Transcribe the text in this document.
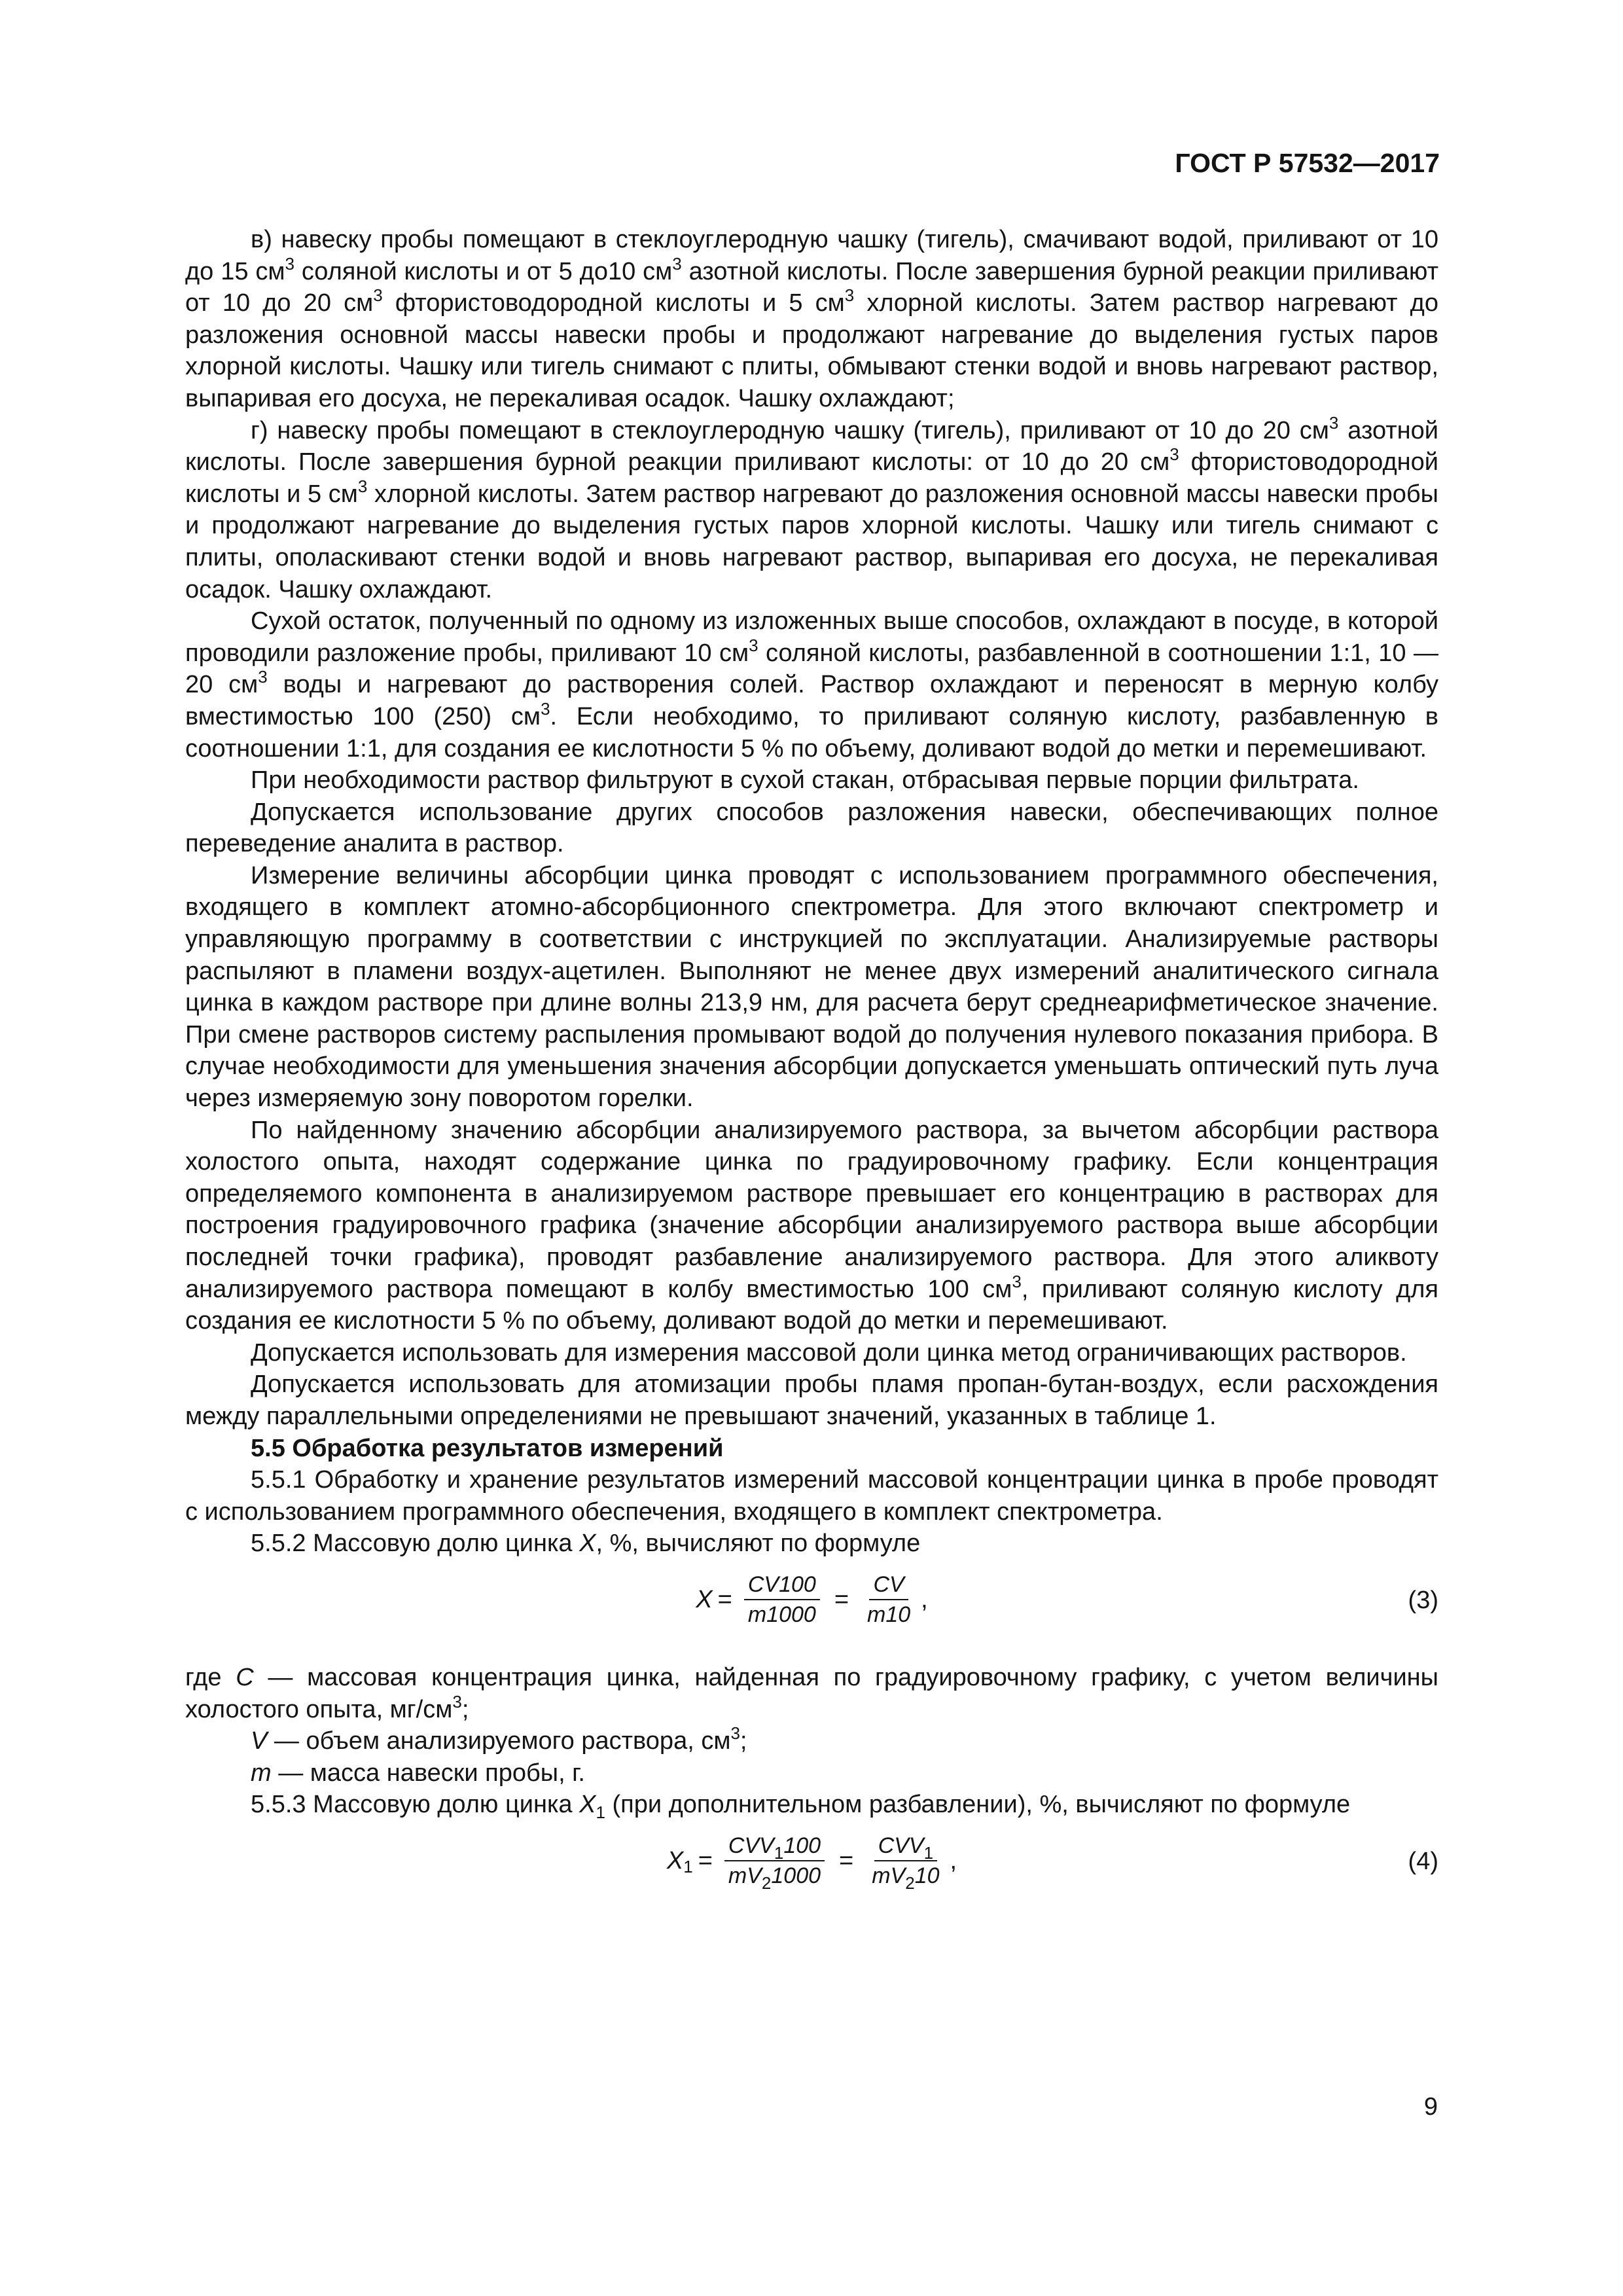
ГОСТ Р 57532—2017

в) навеску пробы помещают в стеклоуглеродную чашку (тигель), смачивают водой, приливают от 10 до 15 $см^3$ соляной кислоты и от 5 до10 $см^3$ азотной кислоты. После завершения бурной реакции приливают от 10 до 20 $см^3$ фтористоводородной кислоты и 5 $см^3$ хлорной кислоты. Затем раствор нагревают до разложения основной массы навески пробы и продолжают нагревание до выделения густых паров хлорной кислоты. Чашку или тигель снимают с плиты, обмывают стенки водой и вновь нагревают раствор, выпаривая его досуха, не перекаливая осадок. Чашку охлаждают;

г) навеску пробы помещают в стеклоуглеродную чашку (тигель), приливают от 10 до 20 $см^3$ азотной кислоты. После завершения бурной реакции приливают кислоты: от 10 до 20 $см^3$ фтористоводородной кислоты и 5 $см^3$ хлорной кислоты. Затем раствор нагревают до разложения основной массы навески пробы и продолжают нагревание до выделения густых паров хлорной кислоты. Чашку или тигель снимают с плиты, ополаскивают стенки водой и вновь нагревают раствор, выпаривая его досуха, не перекаливая осадок. Чашку охлаждают.

Сухой остаток, полученный по одному из изложенных выше способов, охлаждают в посуде, в которой проводили разложение пробы, приливают 10 $см^3$ соляной кислоты, разбавленной в соотношении 1:1, 10 — 20 $см^3$ воды и нагревают до растворения солей. Раствор охлаждают и переносят в мерную колбу вместимостью 100 (250) $см^3$. Если необходимо, то приливают соляную кислоту, разбавленную в соотношении 1:1, для создания ее кислотности 5 % по объему, доливают водой до метки и перемешивают.

При необходимости раствор фильтруют в сухой стакан, отбрасывая первые порции фильтрата.

Допускается использование других способов разложения навески, обеспечивающих полное переведение аналита в раствор.

Измерение величины абсорбции цинка проводят с использованием программного обеспечения, входящего в комплект атомно-абсорбционного спектрометра. Для этого включают спектрометр и управляющую программу в соответствии с инструкцией по эксплуатации. Анализируемые растворы распыляют в пламени воздух-ацетилен. Выполняют не менее двух измерений аналитического сигнала цинка в каждом растворе при длине волны 213,9 нм, для расчета берут среднеарифметическое значение. При смене растворов систему распыления промывают водой до получения нулевого показания прибора. В случае необходимости для уменьшения значения абсорбции допускается уменьшать оптический путь луча через измеряемую зону поворотом горелки.

По найденному значению абсорбции анализируемого раствора, за вычетом абсорбции раствора холостого опыта, находят содержание цинка по градуировочному графику. Если концентрация определяемого компонента в анализируемом растворе превышает его концентрацию в растворах для построения градуировочного графика (значение абсорбции анализируемого раствора выше абсорбции последней точки графика), проводят разбавление анализируемого раствора. Для этого аликвоту анализируемого раствора помещают в колбу вместимостью 100 $см^3$, приливают соляную кислоту для создания ее кислотности 5 % по объему, доливают водой до метки и перемешивают.

Допускается использовать для измерения массовой доли цинка метод ограничивающих растворов.

Допускается использовать для атомизации пробы пламя пропан-бутан-воздух, если расхождения между параллельными определениями не превышают значений, указанных в таблице 1.

5.5 Обработка результатов измерений

5.5.1 Обработку и хранение результатов измерений массовой концентрации цинка в пробе проводят с использованием программного обеспечения, входящего в комплект спектрометра.

5.5.2 Массовую долю цинка X, %, вычисляют по формуле

$X = \frac{CV100}{m1000} = \frac{CV}{m10}$ ,	(3)

где C — массовая концентрация цинка, найденная по градуировочному графику, с учетом величины холостого опыта, $мг/см^3$;

V — объем анализируемого раствора, $см^3$;

m — масса навески пробы, г.

5.5.3 Массовую долю цинка $X_1$ (при дополнительном разбавлении), %, вычисляют по формуле

$X_1 = \frac{CVV_1100}{mV_21000} = \frac{CVV_1}{mV_210}$ ,	(4)
9
